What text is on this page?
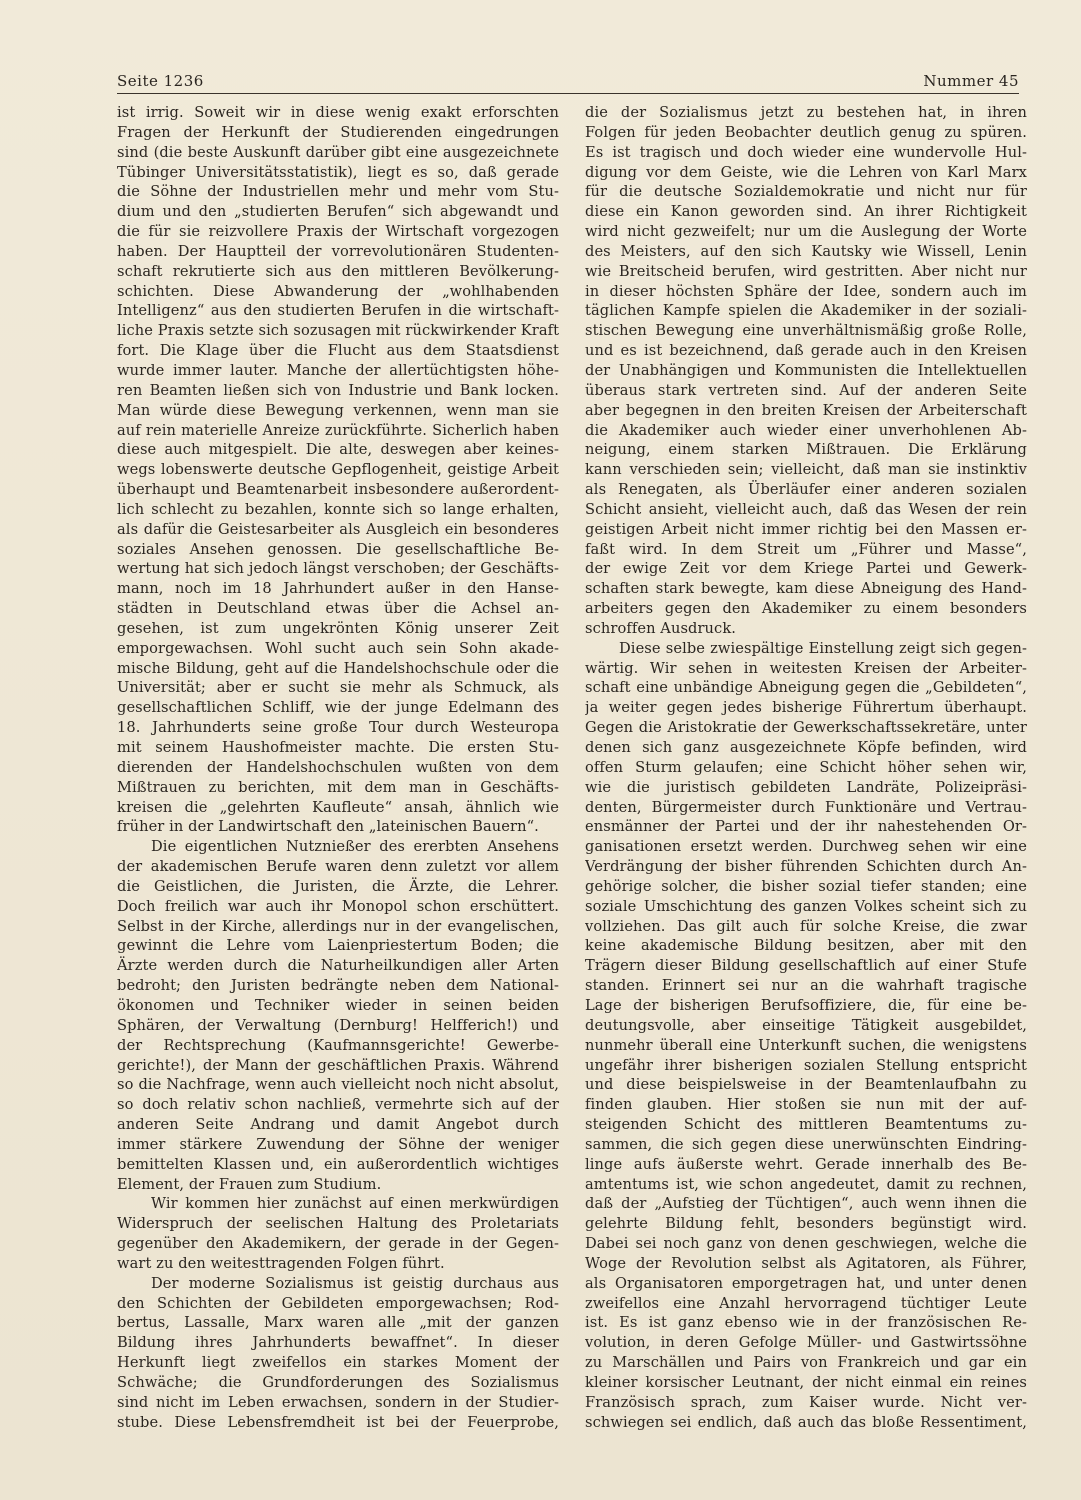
Seite 1236	Nummer 45
ist irrig. Soweit wir in diese wenig exakt erforschten
Fragen der Herkunft der Studierenden eingedrungen
sind (die beste Auskunft darüber gibt eine ausgezeichnete
Tübinger Universitätsstatistik), liegt es so, daß gerade
die Söhne der Industriellen mehr und mehr vom Stu-
dium und den „studierten Berufen“ sich abgewandt und
die für sie reizvollere Praxis der Wirtschaft vorgezogen
haben. Der Hauptteil der vorrevolutionären Studenten-
schaft rekrutierte sich aus den mittleren Bevölkerung-
schichten. Diese Abwanderung der „wohlhabenden
Intelligenz“ aus den studierten Berufen in die wirtschaft-
liche Praxis setzte sich sozusagen mit rückwirkender Kraft
fort. Die Klage über die Flucht aus dem Staatsdienst
wurde immer lauter. Manche der allertüchtigsten höhe-
ren Beamten ließen sich von Industrie und Bank locken.
Man würde diese Bewegung verkennen, wenn man sie
auf rein materielle Anreize zurückführte. Sicherlich haben
diese auch mitgespielt. Die alte, deswegen aber keines-
wegs lobenswerte deutsche Gepflogenheit, geistige Arbeit
überhaupt und Beamtenarbeit insbesondere außerordent-
lich schlecht zu bezahlen, konnte sich so lange erhalten,
als dafür die Geistesarbeiter als Ausgleich ein besonderes
soziales Ansehen genossen. Die gesellschaftliche Be-
wertung hat sich jedoch längst verschoben; der Geschäfts-
mann, noch im 18 Jahrhundert außer in den Hanse-
städten in Deutschland etwas über die Achsel an-
gesehen, ist zum ungekrönten König unserer Zeit
emporgewachsen. Wohl sucht auch sein Sohn akade-
mische Bildung, geht auf die Handelshochschule oder die
Universität; aber er sucht sie mehr als Schmuck, als
gesellschaftlichen Schliff, wie der junge Edelmann des
18. Jahrhunderts seine große Tour durch Westeuropa
mit seinem Haushofmeister machte. Die ersten Stu-
dierenden der Handelshochschulen wußten von dem
Mißtrauen zu berichten, mit dem man in Geschäfts-
kreisen die „gelehrten Kaufleute“ ansah, ähnlich wie
früher in der Landwirtschaft den „lateinischen Bauern“.
Die eigentlichen Nutznießer des ererbten Ansehens
der akademischen Berufe waren denn zuletzt vor allem
die Geistlichen, die Juristen, die Ärzte, die Lehrer.
Doch freilich war auch ihr Monopol schon erschüttert.
Selbst in der Kirche, allerdings nur in der evangelischen,
gewinnt die Lehre vom Laienpriestertum Boden; die
Ärzte werden durch die Naturheilkundigen aller Arten
bedroht; den Juristen bedrängte neben dem National-
ökonomen und Techniker wieder in seinen beiden
Sphären, der Verwaltung (Dernburg! Helfferich!) und
der Rechtsprechung (Kaufmannsgerichte! Gewerbe-
gerichte!), der Mann der geschäftlichen Praxis. Während
so die Nachfrage, wenn auch vielleicht noch nicht absolut,
so doch relativ schon nachließ, vermehrte sich auf der
anderen Seite Andrang und damit Angebot durch
immer stärkere Zuwendung der Söhne der weniger
bemittelten Klassen und, ein außerordentlich wichtiges
Element, der Frauen zum Studium.
Wir kommen hier zunächst auf einen merkwürdigen
Widerspruch der seelischen Haltung des Proletariats
gegenüber den Akademikern, der gerade in der Gegen-
wart zu den weitesttragenden Folgen führt.
Der moderne Sozialismus ist geistig durchaus aus
den Schichten der Gebildeten emporgewachsen; Rod-
bertus, Lassalle, Marx waren alle „mit der ganzen
Bildung ihres Jahrhunderts bewaffnet“. In dieser
Herkunft liegt zweifellos ein starkes Moment der
Schwäche; die Grundforderungen des Sozialismus
sind nicht im Leben erwachsen, sondern in der Studier-
stube. Diese Lebensfremdheit ist bei der Feuerprobe,
die der Sozialismus jetzt zu bestehen hat, in ihren
Folgen für jeden Beobachter deutlich genug zu spüren.
Es ist tragisch und doch wieder eine wundervolle Hul-
digung vor dem Geiste, wie die Lehren von Karl Marx
für die deutsche Sozialdemokratie und nicht nur für
diese ein Kanon geworden sind. An ihrer Richtigkeit
wird nicht gezweifelt; nur um die Auslegung der Worte
des Meisters, auf den sich Kautsky wie Wissell, Lenin
wie Breitscheid berufen, wird gestritten. Aber nicht nur
in dieser höchsten Sphäre der Idee, sondern auch im
täglichen Kampfe spielen die Akademiker in der soziali-
stischen Bewegung eine unverhältnismäßig große Rolle,
und es ist bezeichnend, daß gerade auch in den Kreisen
der Unabhängigen und Kommunisten die Intellektuellen
überaus stark vertreten sind. Auf der anderen Seite
aber begegnen in den breiten Kreisen der Arbeiterschaft
die Akademiker auch wieder einer unverhohlenen Ab-
neigung, einem starken Mißtrauen. Die Erklärung
kann verschieden sein; vielleicht, daß man sie instinktiv
als Renegaten, als Überläufer einer anderen sozialen
Schicht ansieht, vielleicht auch, daß das Wesen der rein
geistigen Arbeit nicht immer richtig bei den Massen er-
faßt wird. In dem Streit um „Führer und Masse“,
der ewige Zeit vor dem Kriege Partei und Gewerk-
schaften stark bewegte, kam diese Abneigung des Hand-
arbeiters gegen den Akademiker zu einem besonders
schroffen Ausdruck.
Diese selbe zwiespältige Einstellung zeigt sich gegen-
wärtig. Wir sehen in weitesten Kreisen der Arbeiter-
schaft eine unbändige Abneigung gegen die „Gebildeten“,
ja weiter gegen jedes bisherige Führertum überhaupt.
Gegen die Aristokratie der Gewerkschaftssekretäre, unter
denen sich ganz ausgezeichnete Köpfe befinden, wird
offen Sturm gelaufen; eine Schicht höher sehen wir,
wie die juristisch gebildeten Landräte, Polizeipräsi-
denten, Bürgermeister durch Funktionäre und Vertrau-
ensmänner der Partei und der ihr nahestehenden Or-
ganisationen ersetzt werden. Durchweg sehen wir eine
Verdrängung der bisher führenden Schichten durch An-
gehörige solcher, die bisher sozial tiefer standen; eine
soziale Umschichtung des ganzen Volkes scheint sich zu
vollziehen. Das gilt auch für solche Kreise, die zwar
keine akademische Bildung besitzen, aber mit den
Trägern dieser Bildung gesellschaftlich auf einer Stufe
standen. Erinnert sei nur an die wahrhaft tragische
Lage der bisherigen Berufsoffiziere, die, für eine be-
deutungsvolle, aber einseitige Tätigkeit ausgebildet,
nunmehr überall eine Unterkunft suchen, die wenigstens
ungefähr ihrer bisherigen sozialen Stellung entspricht
und diese beispielsweise in der Beamtenlaufbahn zu
finden glauben. Hier stoßen sie nun mit der auf-
steigenden Schicht des mittleren Beamtentums zu-
sammen, die sich gegen diese unerwünschten Eindring-
linge aufs äußerste wehrt. Gerade innerhalb des Be-
amtentums ist, wie schon angedeutet, damit zu rechnen,
daß der „Aufstieg der Tüchtigen“, auch wenn ihnen die
gelehrte Bildung fehlt, besonders begünstigt wird.
Dabei sei noch ganz von denen geschwiegen, welche die
Woge der Revolution selbst als Agitatoren, als Führer,
als Organisatoren emporgetragen hat, und unter denen
zweifellos eine Anzahl hervorragend tüchtiger Leute
ist. Es ist ganz ebenso wie in der französischen Re-
volution, in deren Gefolge Müller- und Gastwirtssöhne
zu Marschällen und Pairs von Frankreich und gar ein
kleiner korsischer Leutnant, der nicht einmal ein reines
Französisch sprach, zum Kaiser wurde. Nicht ver-
schwiegen sei endlich, daß auch das bloße Ressentiment,
